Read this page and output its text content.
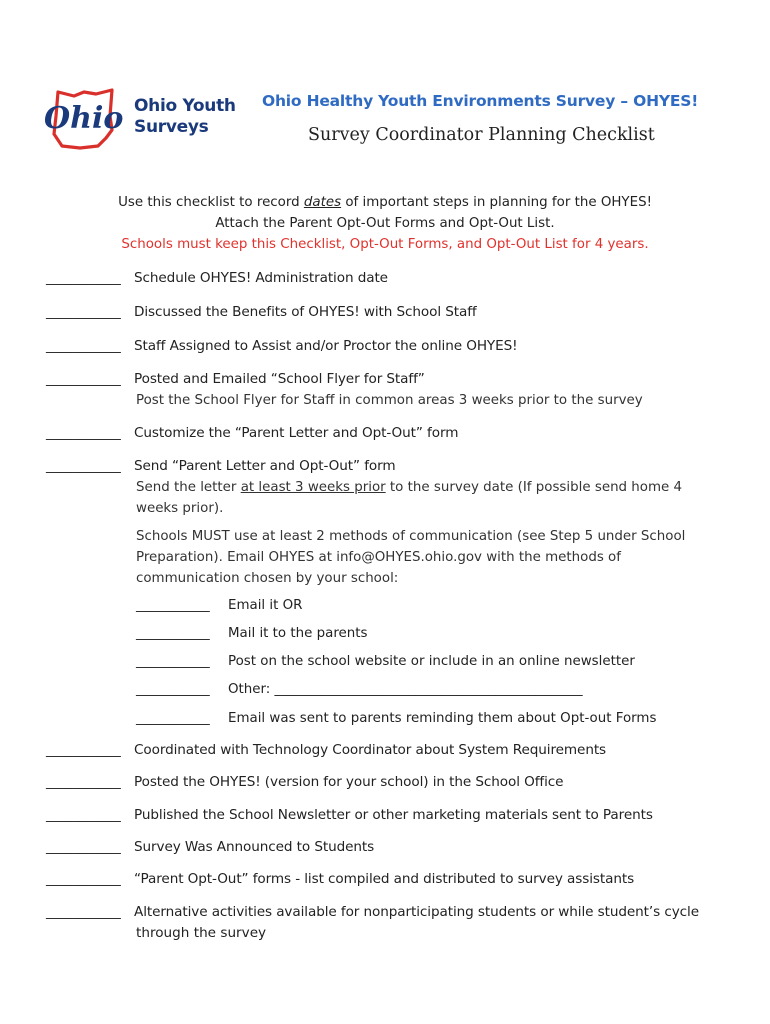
Ohio Ohio Youth
Surveys
Ohio Healthy Youth Environments Survey – OHYES!
Survey Coordinator Planning Checklist
Use this checklist to record dates of important steps in planning for the OHYES!
Attach the Parent Opt-Out Forms and Opt-Out List.
Schools must keep this Checklist, Opt-Out Forms, and Opt-Out List for 4 years.
___________ Schedule OHYES! Administration date
___________ Discussed the Benefits of OHYES! with School Staff
___________ Staff Assigned to Assist and/or Proctor the online OHYES!
___________ Posted and Emailed “School Flyer for Staff”
Post the School Flyer for Staff in common areas 3 weeks prior to the survey
___________ Customize the “Parent Letter and Opt-Out” form
___________ Send “Parent Letter and Opt-Out” form
Send the letter at least 3 weeks prior to the survey date (If possible send home 4
weeks prior).
Schools MUST use at least 2 methods of communication (see Step 5 under School
Preparation). Email OHYES at info@OHYES.ohio.gov with the methods of
communication chosen by your school:
___________ Email it OR
___________ Mail it to the parents
___________ Post on the school website or include in an online newsletter
___________ Other: ______________________________________________
___________ Email was sent to parents reminding them about Opt-out Forms
___________ Coordinated with Technology Coordinator about System Requirements
___________ Posted the OHYES! (version for your school) in the School Office
___________ Published the School Newsletter or other marketing materials sent to Parents
___________ Survey Was Announced to Students
___________ “Parent Opt-Out” forms - list compiled and distributed to survey assistants
___________ Alternative activities available for nonparticipating students or while student’s cycle
through the survey
